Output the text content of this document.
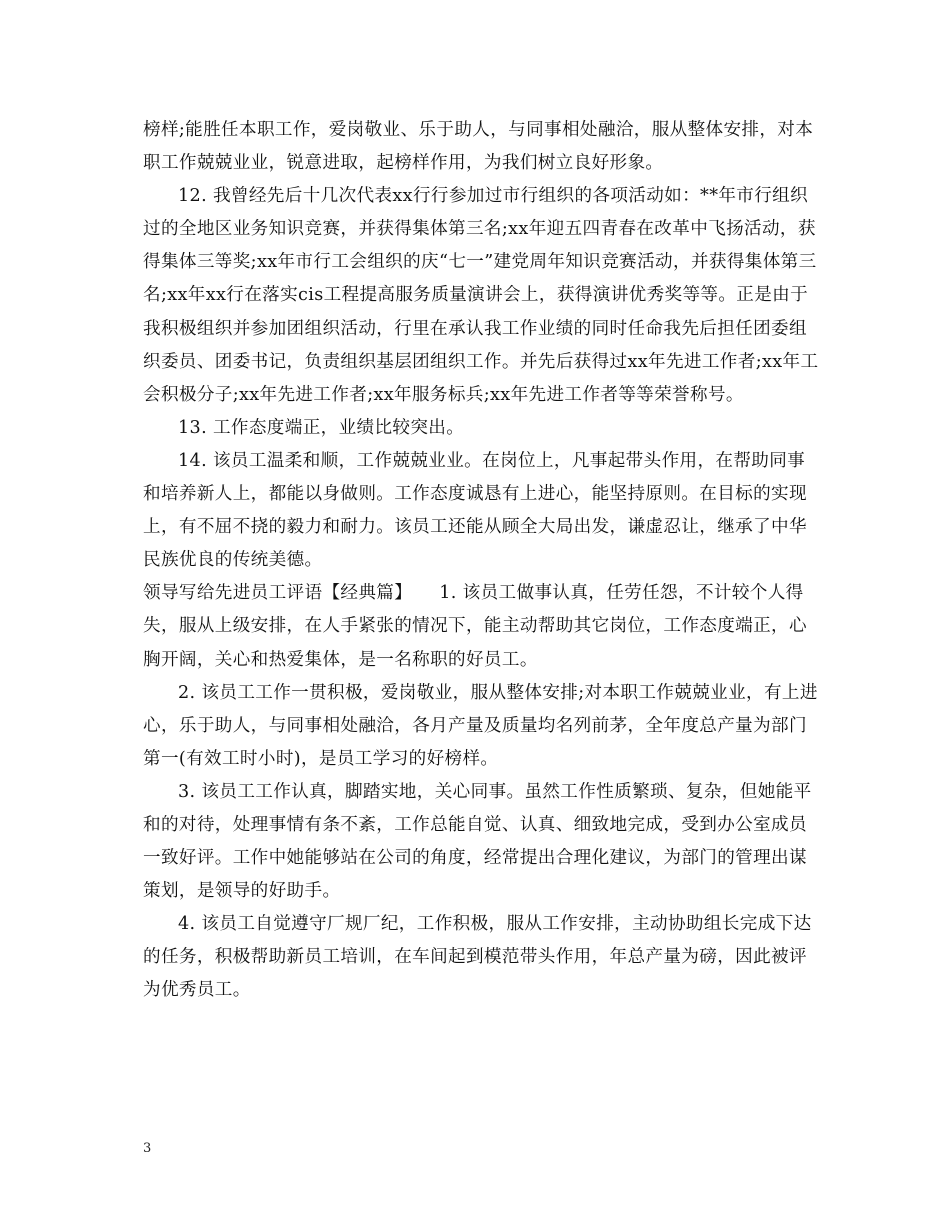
榜样;能胜任本职工作，爱岗敬业、乐于助人，与同事相处融洽，服从整体安排，对本职工作兢兢业业，锐意进取，起榜样作用，为我们树立良好形象。

12. 我曾经先后十几次代表xx行行参加过市行组织的各项活动如：**年市行组织过的全地区业务知识竞赛，并获得集体第三名;xx年迎五四青春在改革中飞扬活动，获得集体三等奖;xx年市行工会组织的庆“七一”建党周年知识竞赛活动，并获得集体第三名;xx年xx行在落实cis工程提高服务质量演讲会上，获得演讲优秀奖等等。正是由于我积极组织并参加团组织活动，行里在承认我工作业绩的同时任命我先后担任团委组织委员、团委书记，负责组织基层团组织工作。并先后获得过xx年先进工作者;xx年工会积极分子;xx年先进工作者;xx年服务标兵;xx年先进工作者等等荣誉称号。

13. 工作态度端正，业绩比较突出。

14. 该员工温柔和顺，工作兢兢业业。在岗位上，凡事起带头作用，在帮助同事和培养新人上，都能以身做则。工作态度诚恳有上进心，能坚持原则。在目标的实现上，有不屈不挠的毅力和耐力。该员工还能从顾全大局出发，谦虚忍让，继承了中华民族优良的传统美德。

领导写给先进员工评语【经典篇】　　1. 该员工做事认真，任劳任怨，不计较个人得失，服从上级安排，在人手紧张的情况下，能主动帮助其它岗位，工作态度端正，心胸开阔，关心和热爱集体，是一名称职的好员工。

2. 该员工工作一贯积极，爱岗敬业，服从整体安排;对本职工作兢兢业业，有上进心，乐于助人，与同事相处融洽，各月产量及质量均名列前茅，全年度总产量为部门第一(有效工时小时)，是员工学习的好榜样。

3. 该员工工作认真，脚踏实地，关心同事。虽然工作性质繁琐、复杂，但她能平和的对待，处理事情有条不紊，工作总能自觉、认真、细致地完成，受到办公室成员一致好评。工作中她能够站在公司的角度，经常提出合理化建议，为部门的管理出谋策划，是领导的好助手。

4. 该员工自觉遵守厂规厂纪，工作积极，服从工作安排，主动协助组长完成下达的任务，积极帮助新员工培训，在车间起到模范带头作用，年总产量为磅，因此被评为优秀员工。

3
